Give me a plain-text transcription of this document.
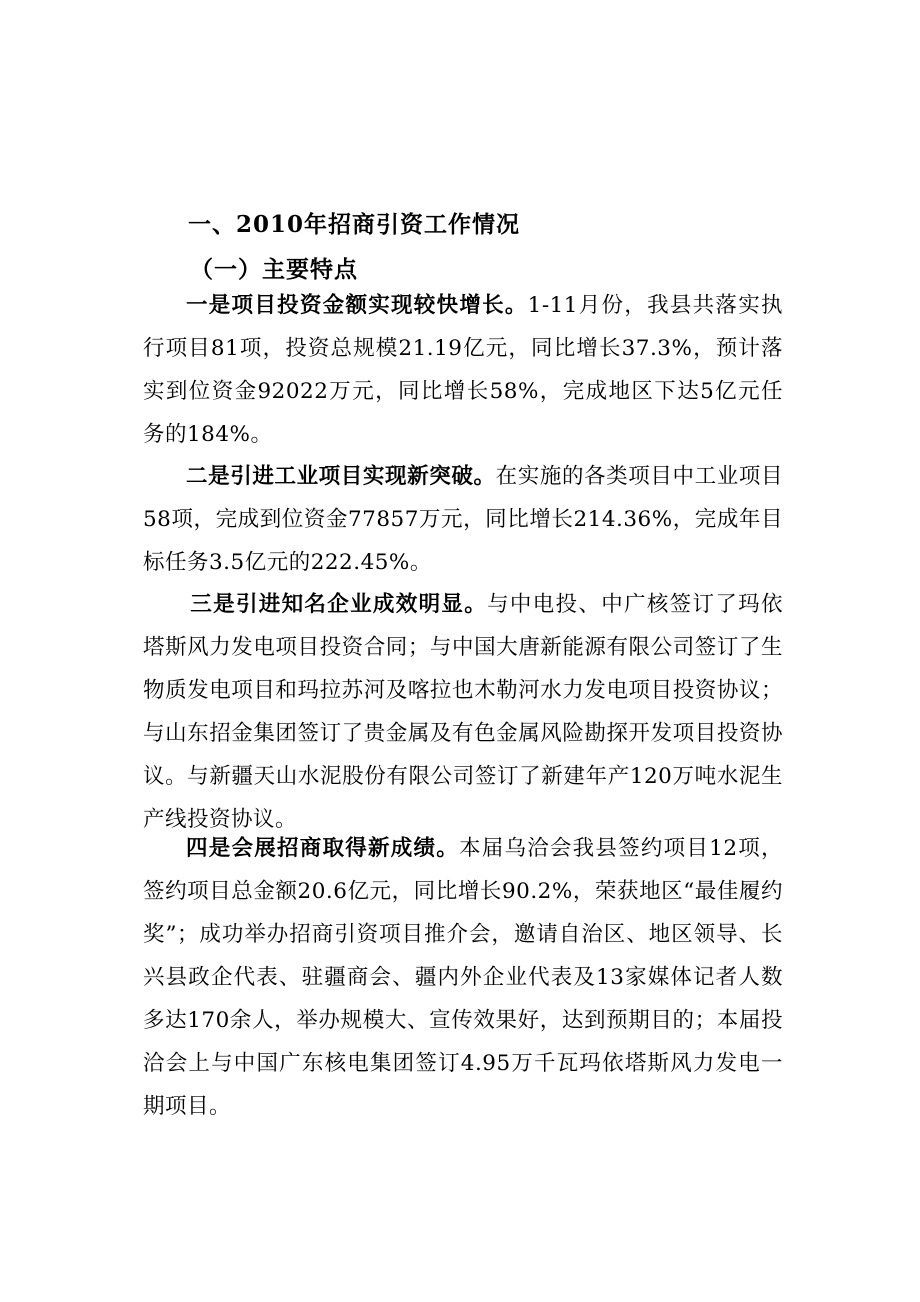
一、2010年招商引资工作情况
（一）主要特点

一是项目投资金额实现较快增长。1-11月份，我县共落实执行项目81项，投资总规模21.19亿元，同比增长37.3%，预计落实到位资金92022万元，同比增长58%，完成地区下达5亿元任务的184%。

二是引进工业项目实现新突破。在实施的各类项目中工业项目58项，完成到位资金77857万元，同比增长214.36%，完成年目标任务3.5亿元的222.45%。

三是引进知名企业成效明显。与中电投、中广核签订了玛依塔斯风力发电项目投资合同；与中国大唐新能源有限公司签订了生物质发电项目和玛拉苏河及喀拉也木勒河水力发电项目投资协议；与山东招金集团签订了贵金属及有色金属风险勘探开发项目投资协议。与新疆天山水泥股份有限公司签订了新建年产120万吨水泥生产线投资协议。

四是会展招商取得新成绩。本届乌洽会我县签约项目12项，签约项目总金额20.6亿元，同比增长90.2%，荣获地区“最佳履约奖”；成功举办招商引资项目推介会，邀请自治区、地区领导、长兴县政企代表、驻疆商会、疆内外企业代表及13家媒体记者人数多达170余人，举办规模大、宣传效果好，达到预期目的；本届投洽会上与中国广东核电集团签订4.95万千瓦玛依塔斯风力发电一期项目。
